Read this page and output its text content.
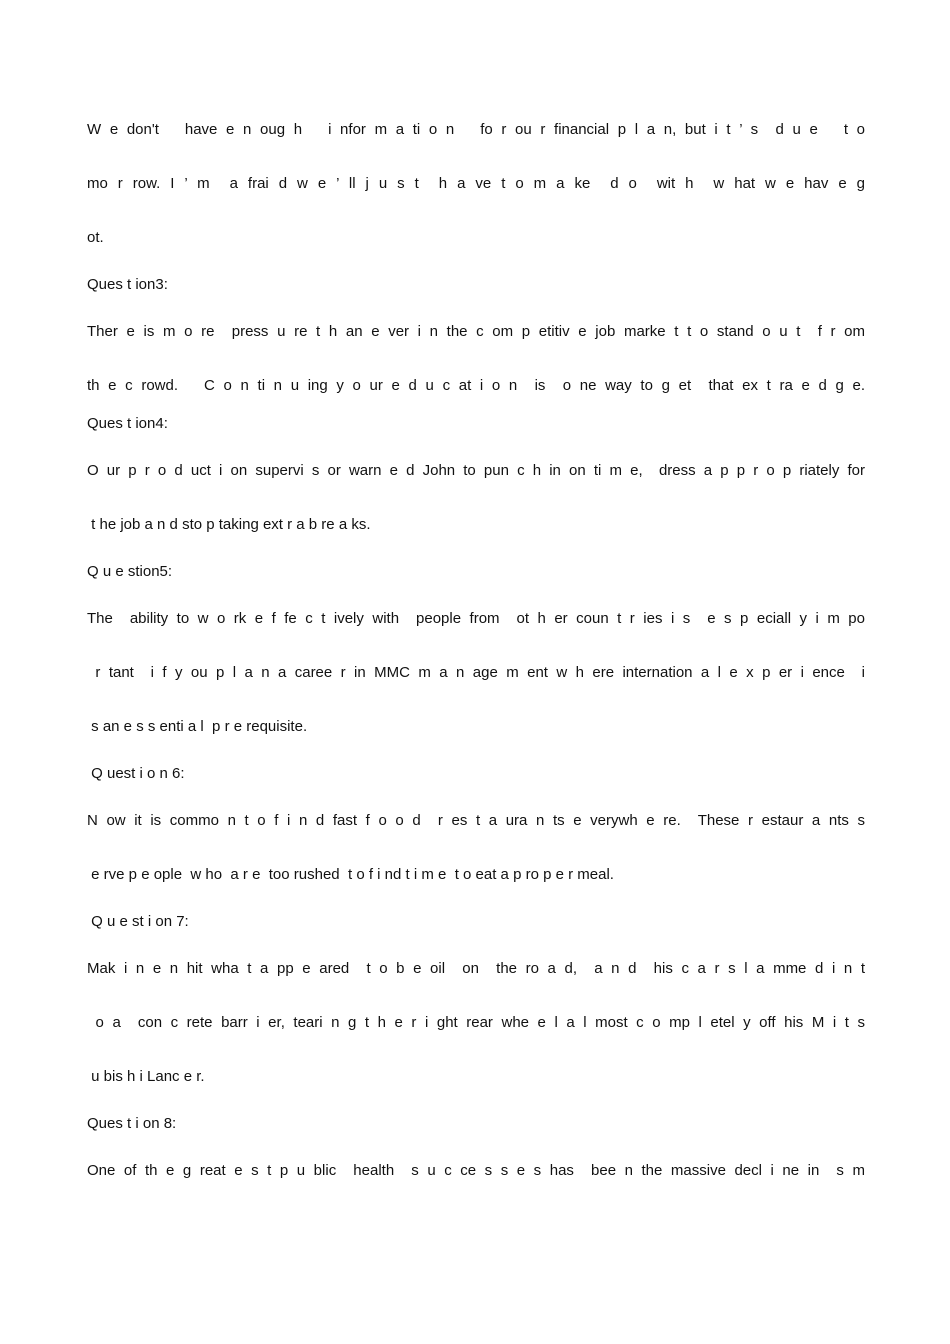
W e don't   have e n oug h   i nfor m a ti o n   fo r ou r financial p l a n, but i t ’ s  d u e   t o
mo r row. I ’ m  a frai d w e ’ ll j u s t  h a ve t o m a ke  d o  wit h  w hat w e hav e g
ot.
Ques t ion3:
Ther e is m o re  press u re t h an e ver i n the c om p etitiv e job marke t t o stand o u t  f r om
th e c rowd.   C o n ti n u ing y o ur e d u c at i o n  is  o ne way to g et  that ex t ra e d g e.
Ques t ion4:
O ur p r o d uct i on supervi s or warn e d John to pun c h in on ti m e,  dress a p p r o p riately for
t he job a n d sto p taking ext r a b re a ks.
Q u e stion5:
The  ability to w o rk e f fe c t ively with  people from  ot h er coun t r ies i s  e s p eciall y i m po
r tant  i f y ou p l a n a caree r in MMC m a n age m ent w h ere internation a l e x p er i ence  i
s an e s s enti a l  p r e requisite.
Q uest i o n 6:
N ow it is commo n t o f i n d fast f o o d  r es t a ura n ts e verywh e re.  These r estaur a nts s
e rve p e ople  w ho  a r e  too rushed  t o f i nd t i m e  t o eat a p ro p e r meal.
Q u e st i on 7:
Mak i n e n hit wha t a pp e ared  t o b e oil  on  the ro a d,  a n d  his c a r s l a mme d i n t
o a  con c rete barr i er, teari n g t h e r i ght rear whe e l a l most c o mp l etel y off his M i t s
u bis h i Lanc e r.
Ques t i on 8:
One of th e g reat e s t p u blic  health  s u c ce s s e s has  bee n the massive decl i ne in  s m
